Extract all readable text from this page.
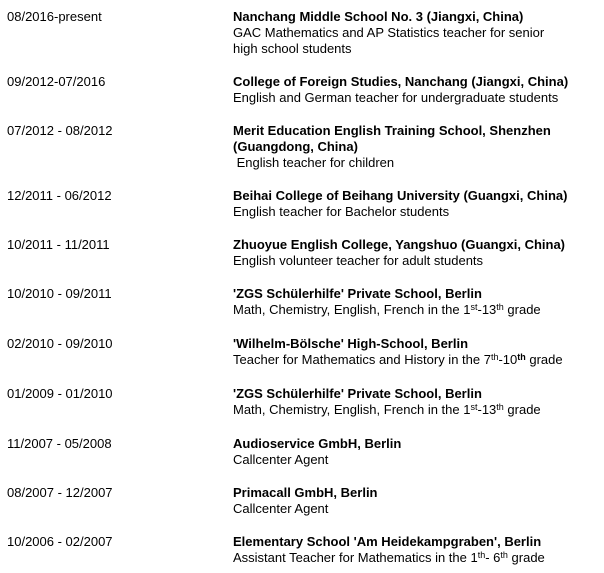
08/2016-present	Nanchang Middle School No. 3 (Jiangxi, China)
GAC Mathematics and AP Statistics teacher for senior
high school students
09/2012-07/2016	College of Foreign Studies, Nanchang (Jiangxi, China)
English and German teacher for undergraduate students
07/2012 - 08/2012	Merit Education English Training School, Shenzhen
(Guangdong, China)
English teacher for children
12/2011 - 06/2012	Beihai College of Beihang University (Guangxi, China)
English teacher for Bachelor students
10/2011 - 11/2011	Zhuoyue English College, Yangshuo (Guangxi, China)
English volunteer teacher for adult students
10/2010 - 09/2011	'ZGS Schülerhilfe' Private School, Berlin
Math, Chemistry, English, French in the 1st-13th grade
02/2010 - 09/2010	'Wilhelm-Bölsche' High-School, Berlin
Teacher for Mathematics and History in the 7th-10th grade
01/2009 - 01/2010	'ZGS Schülerhilfe' Private School, Berlin
Math, Chemistry, English, French in the 1st-13th grade
11/2007 - 05/2008	Audioservice GmbH, Berlin
Callcenter Agent
08/2007 - 12/2007	Primacall GmbH, Berlin
Callcenter Agent
10/2006 - 02/2007	Elementary School 'Am Heidekampgraben', Berlin
Assistant Teacher for Mathematics in the 1th- 6th grade
